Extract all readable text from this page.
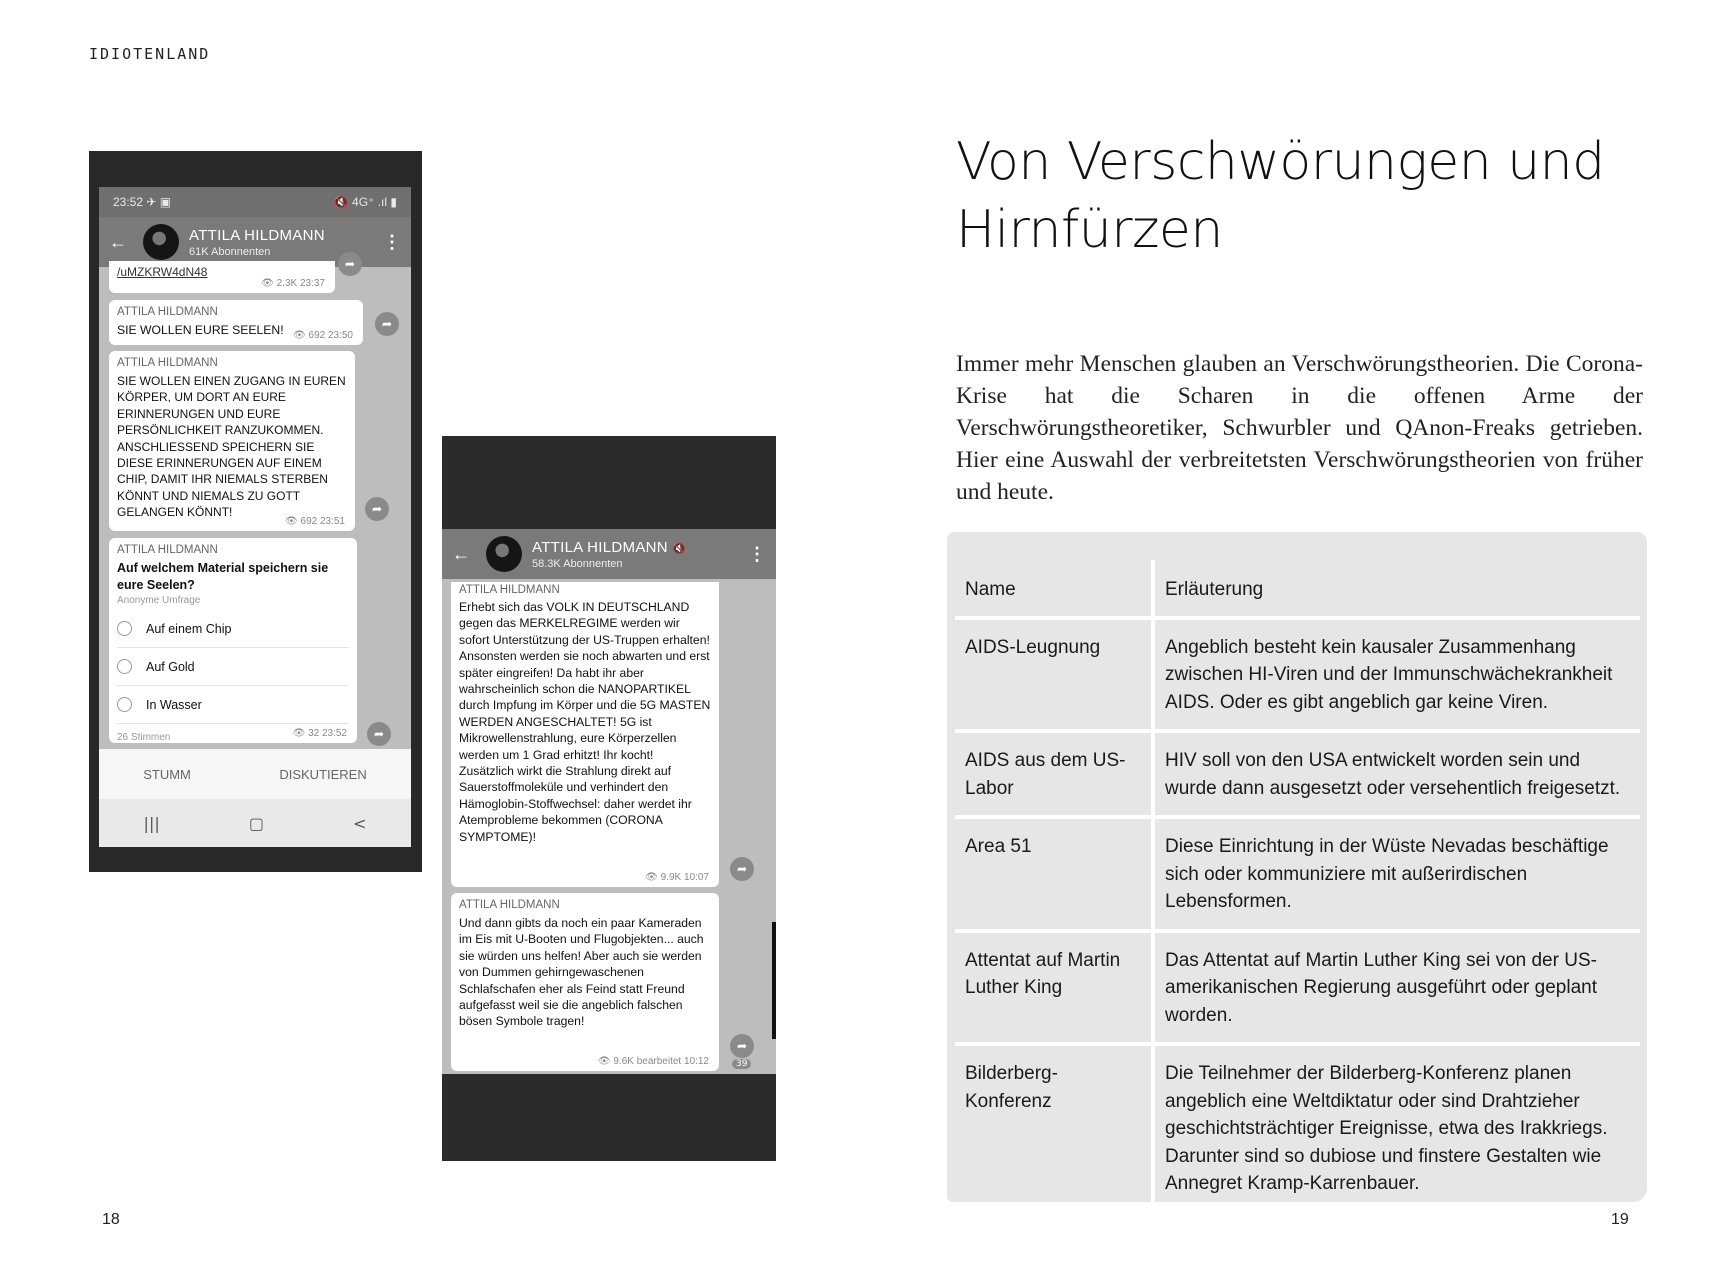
IDIOTENLAND
23:52 ✈ ▣	🔇 4G⁺ .ıl ▮
←	ATTILA HILDMANN
61K Abonnenten	⋮
/uMZKRW4dN48
👁 2.3K 23:37
➦
ATTILA HILDMANN
SIE WOLLEN EURE SEELEN! 👁 692 23:50
➦
ATTILA HILDMANN
SIE WOLLEN EINEN ZUGANG IN EUREN KÖRPER, UM DORT AN EURE ERINNERUNGEN UND EURE PERSÖNLICHKEIT RANZUKOMMEN. ANSCHLIESSEND SPEICHERN SIE DIESE ERINNERUNGEN AUF EINEM CHIP, DAMIT IHR NIEMALS STERBEN KÖNNT UND NIEMALS ZU GOTT GELANGEN KÖNNT!
👁 692 23:51
➦
ATTILA HILDMANN
Auf welchem Material speichern sie eure Seelen?
Anonyme Umfrage
Auf einem Chip
Auf Gold
In Wasser
26 Stimmen	👁 32 23:52	➦
STUMM	DISKUTIEREN
|||	▢	<
←	ATTILA HILDMANN 🔇
58.3K Abonnenten	⋮
ATTILA HILDMANN
Erhebt sich das VOLK IN DEUTSCHLAND gegen das MERKELREGIME werden wir sofort Unterstützung der US-Truppen erhalten! Ansonsten werden sie noch abwarten und erst später eingreifen! Da habt ihr aber wahrscheinlich schon die NANOPARTIKEL durch Impfung im Körper und die 5G MASTEN WERDEN ANGESCHALTET! 5G ist Mikrowellenstrahlung, eure Körperzellen werden um 1 Grad erhitzt! Ihr kocht! Zusätzlich wirkt die Strahlung direkt auf Sauerstoffmoleküle und verhindert den Hämoglobin-Stoffwechsel: daher werdet ihr Atemprobleme bekommen (CORONA SYMPTOME)!
👁 9.9K 10:07
➦
ATTILA HILDMANN
Und dann gibts da noch ein paar Kameraden im Eis mit U-Booten und Flugobjekten... auch sie würden uns helfen! Aber auch sie werden von Dummen gehirngewaschenen Schlafschafen eher als Feind statt Freund aufgefasst weil sie die angeblich falschen bösen Symbole tragen!
👁 9.6K bearbeitet 10:12
➦
39
18
Von Verschwörungen und Hirnfürzen

Immer mehr Menschen glauben an Verschwörungstheorien. Die Corona-Krise hat die Scharen in die offenen Arme der Verschwörungstheoretiker, Schwurbler und QAnon-Freaks getrieben. Hier eine Auswahl der verbreitetsten Verschwörungstheorien von früher und heute.

Name	Erläuterung
AIDS-Leugnung	Angeblich besteht kein kausaler Zusammenhang zwischen HI-Viren und der Immunschwächekrankheit AIDS. Oder es gibt angeblich gar keine Viren.
AIDS aus dem US-Labor	HIV soll von den USA entwickelt worden sein und wurde dann ausgesetzt oder versehentlich freigesetzt.
Area 51	Diese Einrichtung in der Wüste Nevadas beschäftige sich oder kommuniziere mit außerirdischen Lebensformen.
Attentat auf Martin Luther King	Das Attentat auf Martin Luther King sei von der US-amerikanischen Regierung ausgeführt oder geplant worden.
Bilderberg-Konferenz	Die Teilnehmer der Bilderberg-Konferenz planen angeblich eine Weltdiktatur oder sind Drahtzieher geschichtsträchtiger Ereignisse, etwa des Irakkriegs. Darunter sind so dubiose und finstere Gestalten wie Annegret Kramp-Karrenbauer.
19
